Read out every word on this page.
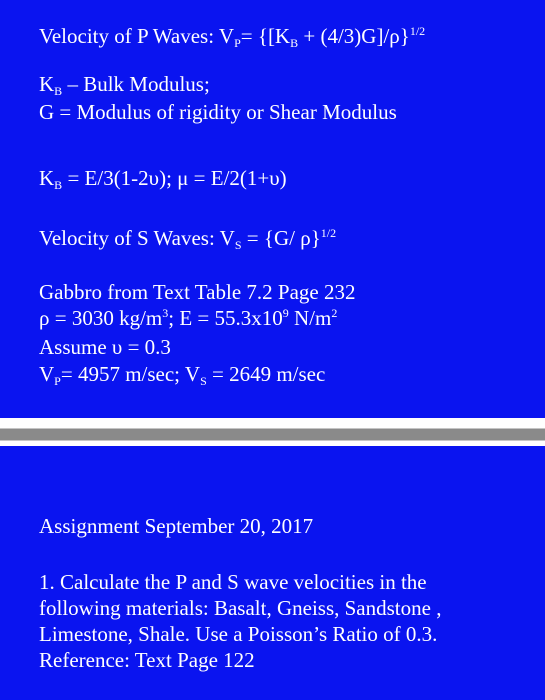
Velocity of P Waves: $V_P= \{[K_B + (4/3)G]/\rho\}^{1/2}$
$K_B$ – Bulk Modulus;
G = Modulus of rigidity or Shear Modulus
$K_B = E/3(1-2\upsilon)$; μ = E/2(1+υ)
Velocity of S Waves: $V_S = \{G/$ ρ}$^{1/2}$
Gabbro from Text Table 7.2 Page 232
ρ = 3030 $kg/m^3$; $E = 55.3x10^9$ $N/m^2$
Assume υ = 0.3
$V_P= 4957$ m/sec; $V_S = 2649$ m/sec
Assignment September 20, 2017
1. Calculate the P and S wave velocities in the
following materials: Basalt, Gneiss, Sandstone ,
Limestone, Shale. Use a Poisson’s Ratio of 0.3.
Reference: Text Page 122
